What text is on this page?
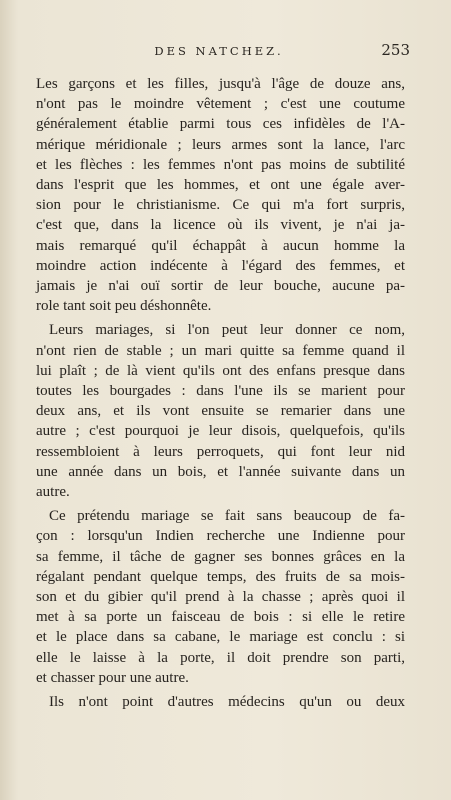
DES NATCHEZ.	253

Les garçons et les filles, jusqu'à l'âge de douze ans,
n'ont pas le moindre vêtement ; c'est une coutume
généralement établie parmi tous ces infidèles de l'A-
mérique méridionale ; leurs armes sont la lance, l'arc
et les flèches : les femmes n'ont pas moins de subtilité
dans l'esprit que les hommes, et ont une égale aver-
sion pour le christianisme. Ce qui m'a fort surpris,
c'est que, dans la licence où ils vivent, je n'ai ja-
mais remarqué qu'il échappât à aucun homme la
moindre action indécente à l'égard des femmes, et
jamais je n'ai ouï sortir de leur bouche, aucune pa-
role tant soit peu déshonnête.

Leurs mariages, si l'on peut leur donner ce nom,
n'ont rien de stable ; un mari quitte sa femme quand il
lui plaît ; de là vient qu'ils ont des enfans presque dans
toutes les bourgades : dans l'une ils se marient pour
deux ans, et ils vont ensuite se remarier dans une
autre ; c'est pourquoi je leur disois, quelquefois, qu'ils
ressembloient à leurs perroquets, qui font leur nid
une année dans un bois, et l'année suivante dans un
autre.

Ce prétendu mariage se fait sans beaucoup de fa-
çon : lorsqu'un Indien recherche une Indienne pour
sa femme, il tâche de gagner ses bonnes grâces en la
régalant pendant quelque temps, des fruits de sa mois-
son et du gibier qu'il prend à la chasse ; après quoi il
met à sa porte un faisceau de bois : si elle le retire
et le place dans sa cabane, le mariage est conclu : si
elle le laisse à la porte, il doit prendre son parti,
et chasser pour une autre.

Ils n'ont point d'autres médecins qu'un ou deux
